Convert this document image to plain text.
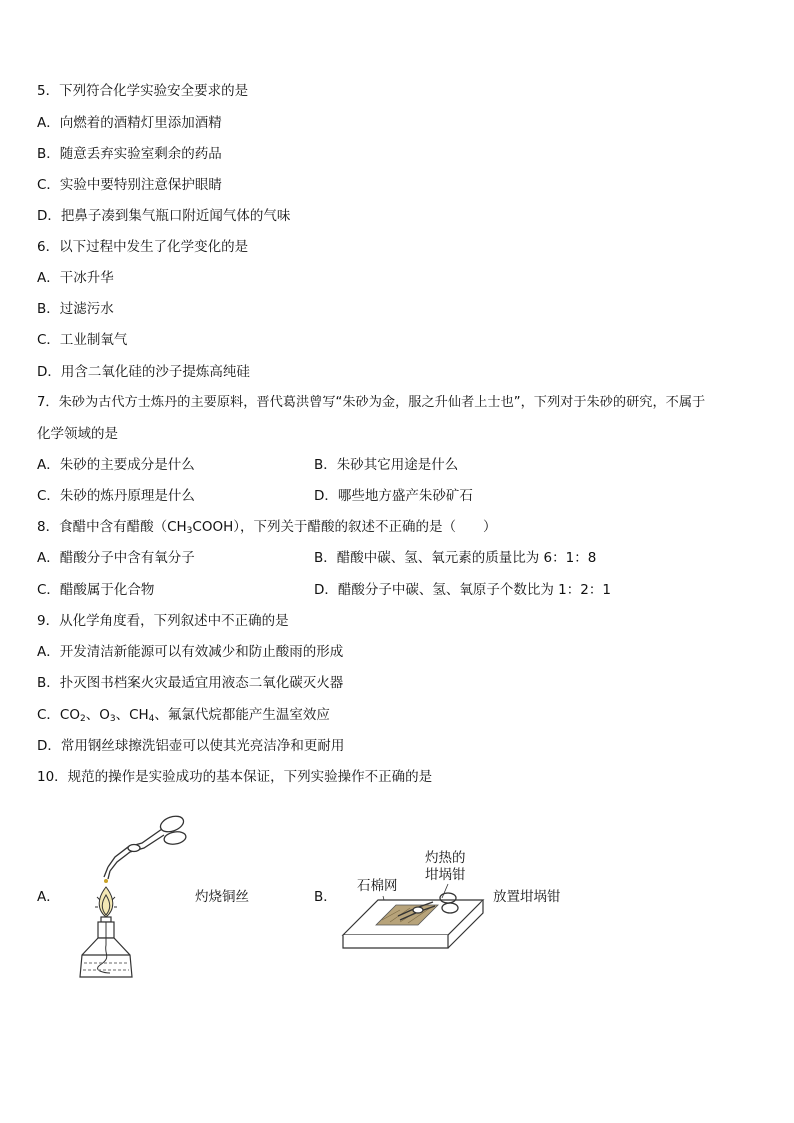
5．下列符合化学实验安全要求的是
A．向燃着的酒精灯里添加酒精
B．随意丢弃实验室剩余的药品
C．实验中要特别注意保护眼睛
D．把鼻子凑到集气瓶口附近闻气体的气味
6．以下过程中发生了化学变化的是
A．干冰升华
B．过滤污水
C．工业制氧气
D．用含二氧化硅的沙子提炼高纯硅
7．朱砂为古代方士炼丹的主要原料，晋代葛洪曾写“朱砂为金，服之升仙者上士也”，下列对于朱砂的研究，不属于
化学领域的是
A．朱砂的主要成分是什么	B．朱砂其它用途是什么
C．朱砂的炼丹原理是什么	D．哪些地方盛产朱砂矿石
8．食醋中含有醋酸$(CH_3COOH)$，下列关于醋酸的叙述不正确的是（　　）
A．醋酸分子中含有氧分子	B．醋酸中碳、氢、氧元素的质量比为 6：1：8
C．醋酸属于化合物	D．醋酸分子中碳、氢、氧原子个数比为 1：2：1
9．从化学角度看，下列叙述中不正确的是
A．开发清洁新能源可以有效减少和防止酸雨的形成
B．扑灭图书档案火灾最适宜用液态二氧化碳灭火器
C．$CO_2$、$O_3$、$CH_4$、氟氯代烷都能产生温室效应
D．常用钢丝球擦洗铝壶可以使其光亮洁净和更耐用
10．规范的操作是实验成功的基本保证，下列实验操作不正确的是
A．	灼烧铜丝	B．
灼热的
坩埚钳
石棉网
放置坩埚钳
